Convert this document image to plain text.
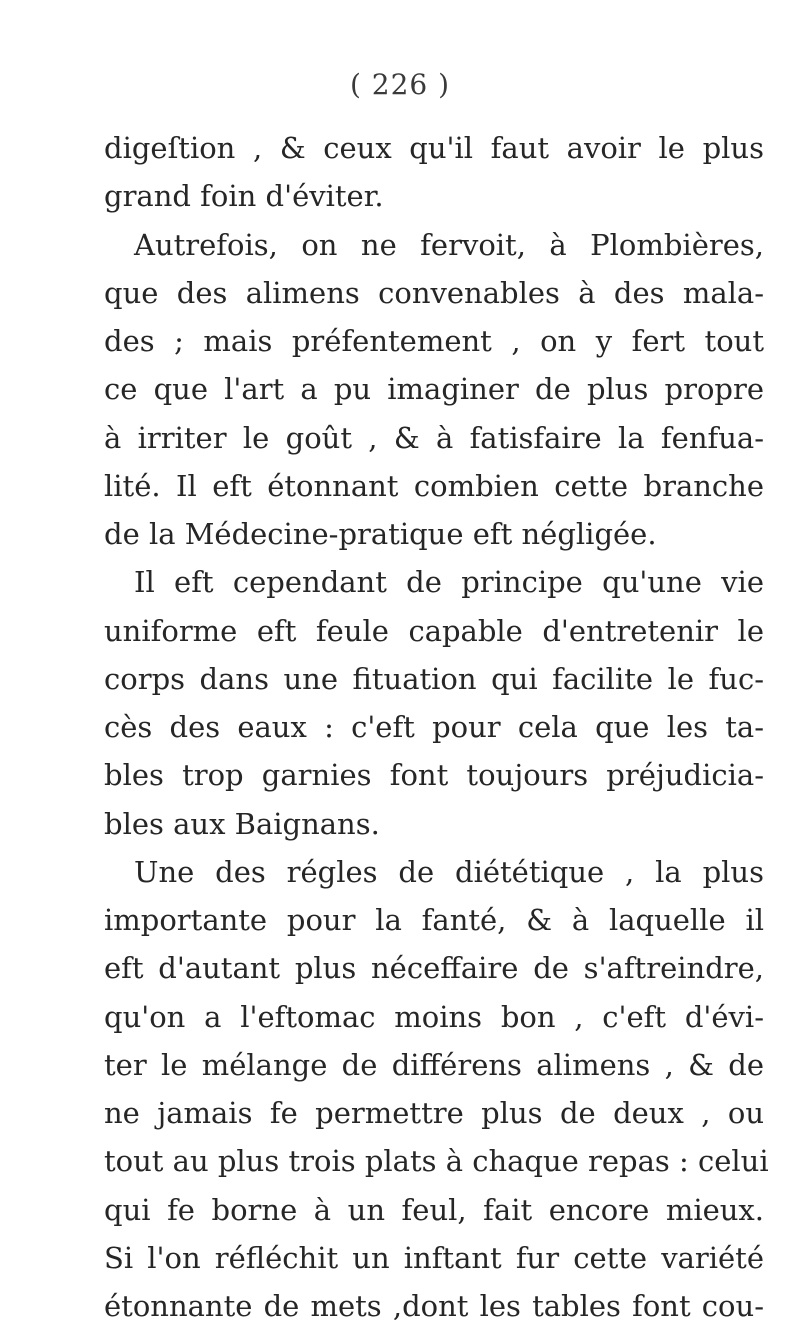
( 226 )
digeſtion , & ceux qu'il faut avoir le plus
grand foin d'éviter.
Autrefois, on ne fervoit, à Plombières,
que des alimens convenables à des mala-
des ; mais préfentement , on y fert tout
ce que l'art a pu imaginer de plus propre
à irriter le goût , & à fatisfaire la fenfua-
lité. Il eft étonnant combien cette branche
de la Médecine-pratique eft négligée.
Il eft cependant de principe qu'une vie
uniforme eft feule capable d'entretenir le
corps dans une fituation qui facilite le fuc-
cès des eaux : c'eft pour cela que les ta-
bles trop garnies font toujours préjudicia-
bles aux Baignans.
Une des régles de diététique , la plus
importante pour la fanté, & à laquelle il
eft d'autant plus néceffaire de s'aftreindre,
qu'on a l'eftomac moins bon , c'eft d'évi-
ter le mélange de différens alimens , & de
ne jamais fe permettre plus de deux , ou
tout au plus trois plats à chaque repas : celui
qui fe borne à un feul, fait encore mieux.
Si l'on réfléchit un inftant fur cette variété
étonnante de mets ,dont les tables font cou-
